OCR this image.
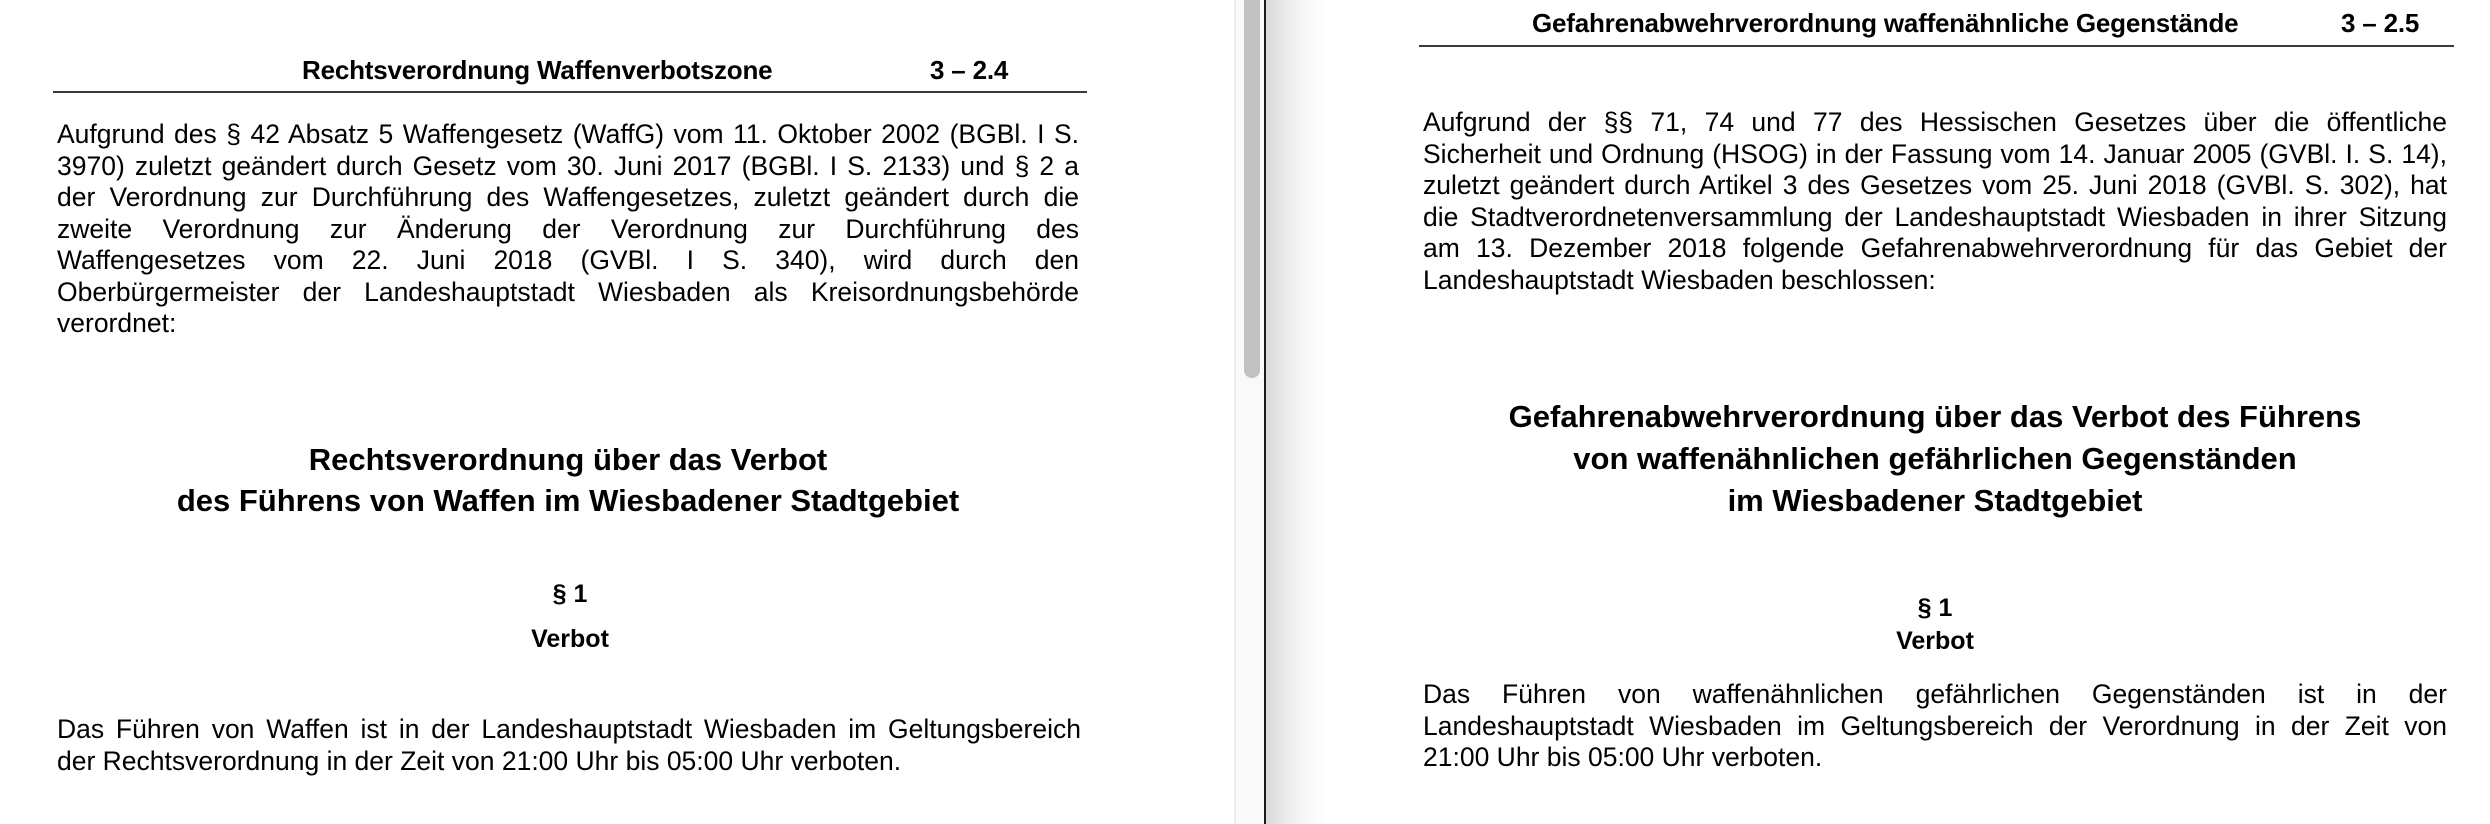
Rechtsverordnung Waffenverbotszone	3 – 2.4

Aufgrund des § 42 Absatz 5 Waffengesetz (WaffG) vom 11. Oktober 2002 (BGBl. I S. 3970) zuletzt geändert durch Gesetz vom 30. Juni 2017 (BGBl. I S. 2133) und § 2 a der Verordnung zur Durchführung des Waffengesetzes, zuletzt geändert durch die zweite Verordnung zur Änderung der Verordnung zur Durchführung des Waffengesetzes vom 22. Juni 2018 (GVBl. I S. 340), wird durch den Oberbürgermeister der Landeshauptstadt Wiesbaden als Kreisordnungsbehörde verordnet:

Rechtsverordnung über das Verbot
des Führens von Waffen im Wiesbadener Stadtgebiet
§ 1
Verbot

Das Führen von Waffen ist in der Landeshauptstadt Wiesbaden im Geltungsbereich der Rechtsverordnung in der Zeit von 21:00 Uhr bis 05:00 Uhr verboten.

Gefahrenabwehrverordnung waffenähnliche Gegenstände	3 – 2.5

Aufgrund der §§ 71, 74 und 77 des Hessischen Gesetzes über die öffentliche Sicherheit und Ordnung (HSOG) in der Fassung vom 14. Januar 2005 (GVBl. I. S. 14), zuletzt geändert durch Artikel 3 des Gesetzes vom 25. Juni 2018 (GVBl. S. 302), hat die Stadtverordnetenversammlung der Landeshauptstadt Wiesbaden in ihrer Sitzung am 13. Dezember 2018 folgende Gefahrenabwehrverordnung für das Gebiet der Landeshauptstadt Wiesbaden beschlossen:

Gefahrenabwehrverordnung über das Verbot des Führens
von waffenähnlichen gefährlichen Gegenständen
im Wiesbadener Stadtgebiet
§ 1
Verbot

Das Führen von waffenähnlichen gefährlichen Gegenständen ist in der Landeshauptstadt Wiesbaden im Geltungsbereich der Verordnung in der Zeit von 21:00 Uhr bis 05:00 Uhr verboten.
